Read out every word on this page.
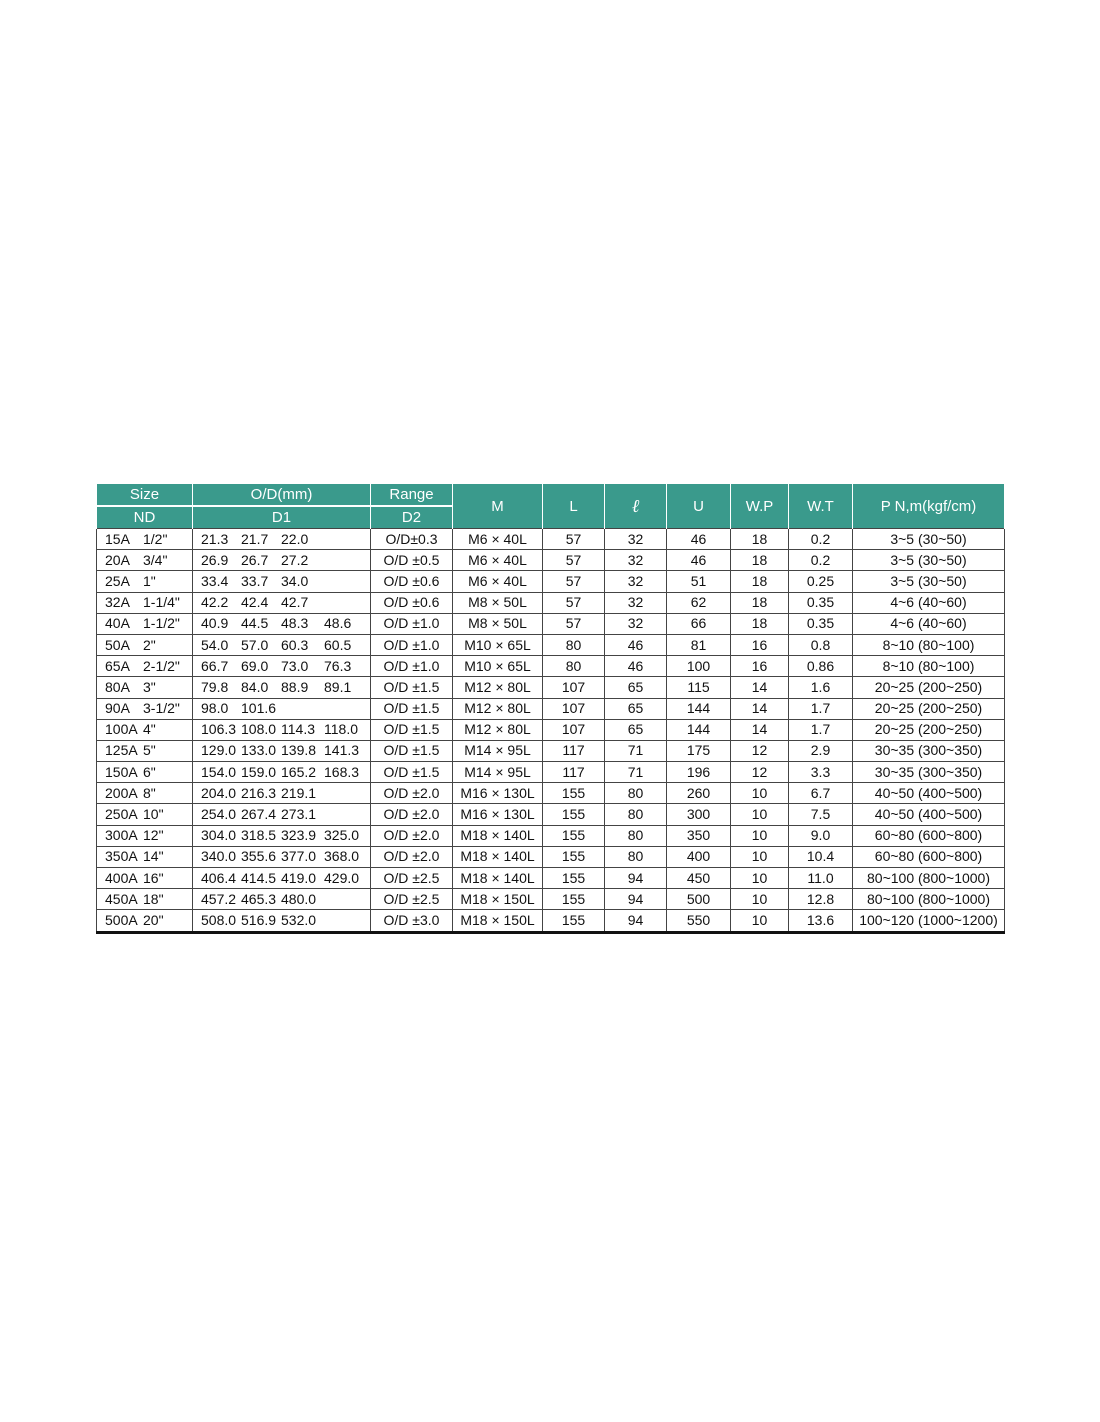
Size	O/D(mm)	Range	M	L	ℓ	U	W.P	W.T	P N,m(kgf/cm)
ND	D1	D2							
15A 1/2"	21.3 21.7 22.0	O/D±0.3	M6 × 40L	57	32	46	18	0.2	3~5 (30~50)
20A 3/4"	26.9 26.7 27.2	O/D ±0.5	M6 × 40L	57	32	46	18	0.2	3~5 (30~50)
25A 1"	33.4 33.7 34.0	O/D ±0.6	M6 × 40L	57	32	51	18	0.25	3~5 (30~50)
32A 1-1/4"	42.2 42.4 42.7	O/D ±0.6	M8 × 50L	57	32	62	18	0.35	4~6 (40~60)
40A 1-1/2"	40.9 44.5 48.3 48.6	O/D ±1.0	M8 × 50L	57	32	66	18	0.35	4~6 (40~60)
50A 2"	54.0 57.0 60.3 60.5	O/D ±1.0	M10 × 65L	80	46	81	16	0.8	8~10 (80~100)
65A 2-1/2"	66.7 69.0 73.0 76.3	O/D ±1.0	M10 × 65L	80	46	100	16	0.86	8~10 (80~100)
80A 3"	79.8 84.0 88.9 89.1	O/D ±1.5	M12 × 80L	107	65	115	14	1.6	20~25 (200~250)
90A 3-1/2"	98.0 101.6	O/D ±1.5	M12 × 80L	107	65	144	14	1.7	20~25 (200~250)
100A 4"	106.3 108.0 114.3 118.0	O/D ±1.5	M12 × 80L	107	65	144	14	1.7	20~25 (200~250)
125A 5"	129.0 133.0 139.8 141.3	O/D ±1.5	M14 × 95L	117	71	175	12	2.9	30~35 (300~350)
150A 6"	154.0 159.0 165.2 168.3	O/D ±1.5	M14 × 95L	117	71	196	12	3.3	30~35 (300~350)
200A 8"	204.0 216.3 219.1	O/D ±2.0	M16 × 130L	155	80	260	10	6.7	40~50 (400~500)
250A 10"	254.0 267.4 273.1	O/D ±2.0	M16 × 130L	155	80	300	10	7.5	40~50 (400~500)
300A 12"	304.0 318.5 323.9 325.0	O/D ±2.0	M18 × 140L	155	80	350	10	9.0	60~80 (600~800)
350A 14"	340.0 355.6 377.0 368.0	O/D ±2.0	M18 × 140L	155	80	400	10	10.4	60~80 (600~800)
400A 16"	406.4 414.5 419.0 429.0	O/D ±2.5	M18 × 140L	155	94	450	10	11.0	80~100 (800~1000)
450A 18"	457.2 465.3 480.0	O/D ±2.5	M18 × 150L	155	94	500	10	12.8	80~100 (800~1000)
500A 20"	508.0 516.9 532.0	O/D ±3.0	M18 × 150L	155	94	550	10	13.6	100~120 (1000~1200)
